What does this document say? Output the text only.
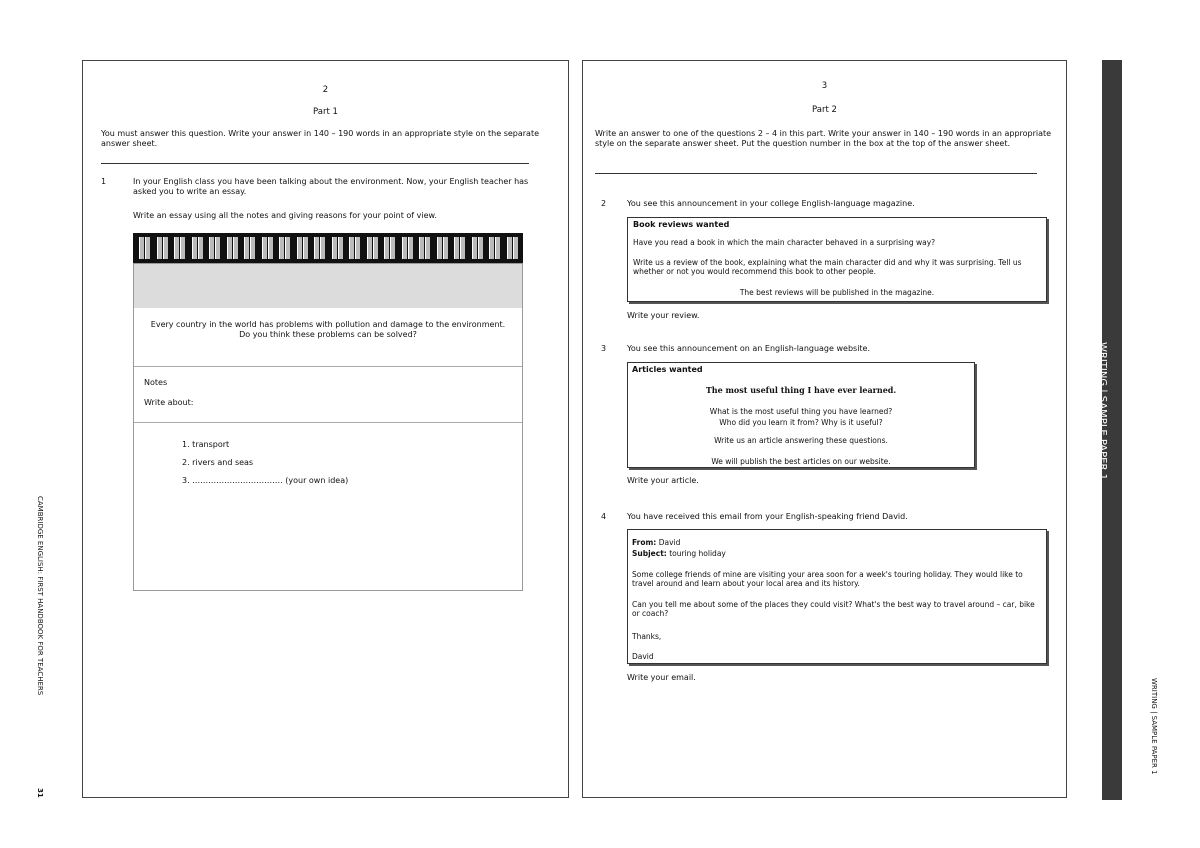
2
Part 1
You must answer this question. Write your answer in 140 – 190 words in an appropriate style on the separate answer sheet.
1	In your English class you have been talking about the environment. Now, your English teacher has asked you to write an essay.
Write an essay using all the notes and giving reasons for your point of view.
Every country in the world has problems with pollution and damage to the environment.
Do you think these problems can be solved?
Notes
Write about:
1. transport
2. rivers and seas
3. ……………………………. (your own idea)
3
Part 2
Write an answer to one of the questions 2 – 4 in this part. Write your answer in 140 – 190 words in an appropriate style on the separate answer sheet. Put the question number in the box at the top of the answer sheet.
2	You see this announcement in your college English-language magazine.
Book reviews wanted
Have you read a book in which the main character behaved in a surprising way?
Write us a review of the book, explaining what the main character did and why it was surprising. Tell us whether or not you would recommend this book to other people.
The best reviews will be published in the magazine.
Write your review.
3	You see this announcement on an English-language website.
Articles wanted
The most useful thing I have ever learned.
What is the most useful thing you have learned?
Who did you learn it from? Why is it useful?
Write us an article answering these questions.
We will publish the best articles on our website.
Write your article.
4	You have received this email from your English-speaking friend David.
From: David
Subject: touring holiday
Some college friends of mine are visiting your area soon for a week's touring holiday. They would like to travel around and learn about your local area and its history.
Can you tell me about some of the places they could visit? What's the best way to travel around – car, bike or coach?
Thanks,
David
Write your email.
WRITING | SAMPLE PAPER 1
WRITING | SAMPLE PAPER 1
CAMBRIDGE ENGLISH: FIRST HANDBOOK FOR TEACHERS
31
